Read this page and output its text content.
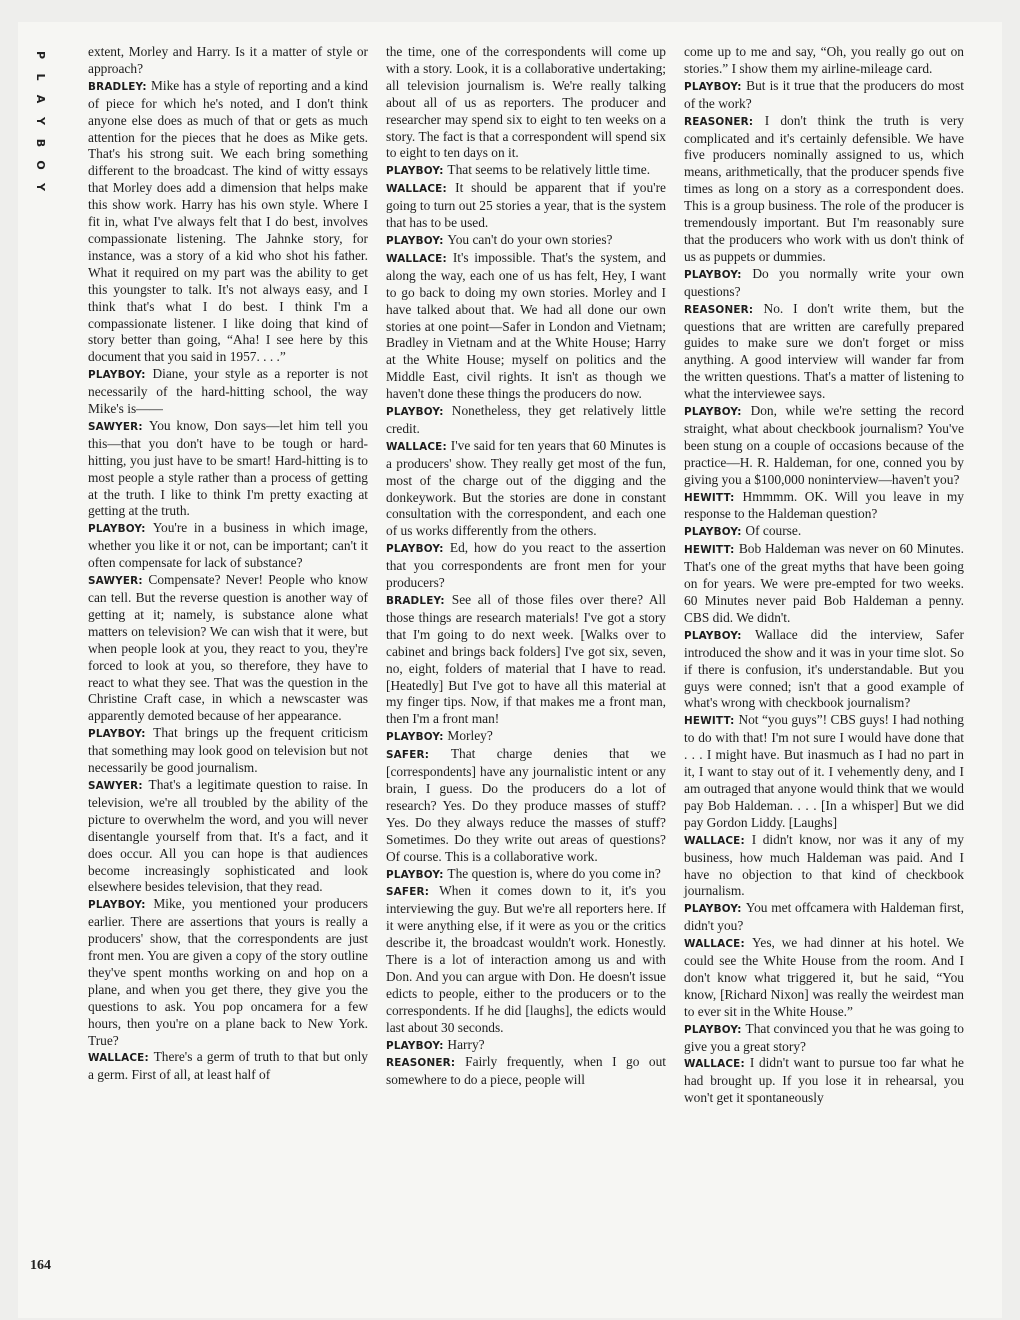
P
L
A
Y
B
O
Y
164

extent, Morley and Harry. Is it a matter of style or approach?

BRADLEY: Mike has a style of reporting and a kind of piece for which he's noted, and I don't think anyone else does as much of that or gets as much attention for the pieces that he does as Mike gets. That's his strong suit. We each bring something different to the broadcast. The kind of witty essays that Morley does add a dimension that helps make this show work. Harry has his own style. Where I fit in, what I've always felt that I do best, involves compassionate listening. The Jahnke story, for instance, was a story of a kid who shot his father. What it required on my part was the ability to get this youngster to talk. It's not always easy, and I think that's what I do best. I think I'm a compassionate listener. I like doing that kind of story better than going, “Aha! I see here by this document that you said in 1957. . . .”

PLAYBOY: Diane, your style as a reporter is not necessarily of the hard-hitting school, the way Mike's is——

SAWYER: You know, Don says—let him tell you this—that you don't have to be tough or hard-hitting, you just have to be smart! Hard-hitting is to most people a style rather than a process of getting at the truth. I like to think I'm pretty exacting at getting at the truth.

PLAYBOY: You're in a business in which image, whether you like it or not, can be important; can't it often compensate for lack of substance?

SAWYER: Compensate? Never! People who know can tell. But the reverse question is another way of getting at it; namely, is substance alone what matters on television? We can wish that it were, but when people look at you, they react to you, they're forced to look at you, so therefore, they have to react to what they see. That was the question in the Christine Craft case, in which a newscaster was apparently demoted because of her appearance.

PLAYBOY: That brings up the frequent criticism that something may look good on television but not necessarily be good journalism.

SAWYER: That's a legitimate question to raise. In television, we're all troubled by the ability of the picture to overwhelm the word, and you will never disentangle yourself from that. It's a fact, and it does occur. All you can hope is that audiences become increasingly sophisticated and look elsewhere besides television, that they read.

PLAYBOY: Mike, you mentioned your producers earlier. There are assertions that yours is really a producers' show, that the correspondents are just front men. You are given a copy of the story outline they've spent months working on and hop on a plane, and when you get there, they give you the questions to ask. You pop oncamera for a few hours, then you're on a plane back to New York. True?

WALLACE: There's a germ of truth to that but only a germ. First of all, at least half of

the time, one of the correspondents will come up with a story. Look, it is a collaborative undertaking; all television journalism is. We're really talking about all of us as reporters. The producer and researcher may spend six to eight to ten weeks on a story. The fact is that a correspondent will spend six to eight to ten days on it.

PLAYBOY: That seems to be relatively little time.

WALLACE: It should be apparent that if you're going to turn out 25 stories a year, that is the system that has to be used.

PLAYBOY: You can't do your own stories?

WALLACE: It's impossible. That's the system, and along the way, each one of us has felt, Hey, I want to go back to doing my own stories. Morley and I have talked about that. We had all done our own stories at one point—Safer in London and Vietnam; Bradley in Vietnam and at the White House; Harry at the White House; myself on politics and the Middle East, civil rights. It isn't as though we haven't done these things the producers do now.

PLAYBOY: Nonetheless, they get relatively little credit.

WALLACE: I've said for ten years that 60 Minutes is a producers' show. They really get most of the fun, most of the charge out of the digging and the donkeywork. But the stories are done in constant consultation with the correspondent, and each one of us works differently from the others.

PLAYBOY: Ed, how do you react to the assertion that you correspondents are front men for your producers?

BRADLEY: See all of those files over there? All those things are research materials! I've got a story that I'm going to do next week. [Walks over to cabinet and brings back folders] I've got six, seven, no, eight, folders of material that I have to read. [Heatedly] But I've got to have all this material at my finger tips. Now, if that makes me a front man, then I'm a front man!

PLAYBOY: Morley?

SAFER: That charge denies that we [correspondents] have any journalistic intent or any brain, I guess. Do the producers do a lot of research? Yes. Do they produce masses of stuff? Yes. Do they always reduce the masses of stuff? Sometimes. Do they write out areas of questions? Of course. This is a collaborative work.

PLAYBOY: The question is, where do you come in?

SAFER: When it comes down to it, it's you interviewing the guy. But we're all reporters here. If it were anything else, if it were as you or the critics describe it, the broadcast wouldn't work. Honestly. There is a lot of interaction among us and with Don. And you can argue with Don. He doesn't issue edicts to people, either to the producers or to the correspondents. If he did [laughs], the edicts would last about 30 seconds.

PLAYBOY: Harry?

REASONER: Fairly frequently, when I go out somewhere to do a piece, people will

come up to me and say, “Oh, you really go out on stories.” I show them my airline-mileage card.

PLAYBOY: But is it true that the producers do most of the work?

REASONER: I don't think the truth is very complicated and it's certainly defensible. We have five producers nominally assigned to us, which means, arithmetically, that the producer spends five times as long on a story as a correspondent does. This is a group business. The role of the producer is tremendously important. But I'm reasonably sure that the producers who work with us don't think of us as puppets or dummies.

PLAYBOY: Do you normally write your own questions?

REASONER: No. I don't write them, but the questions that are written are carefully prepared guides to make sure we don't forget or miss anything. A good interview will wander far from the written questions. That's a matter of listening to what the interviewee says.

PLAYBOY: Don, while we're setting the record straight, what about checkbook journalism? You've been stung on a couple of occasions because of the practice—H. R. Haldeman, for one, conned you by giving you a $100,000 noninterview—haven't you?

HEWITT: Hmmmm. OK. Will you leave in my response to the Haldeman question?

PLAYBOY: Of course.

HEWITT: Bob Haldeman was never on 60 Minutes. That's one of the great myths that have been going on for years. We were pre-empted for two weeks. 60 Minutes never paid Bob Haldeman a penny. CBS did. We didn't.

PLAYBOY: Wallace did the interview, Safer introduced the show and it was in your time slot. So if there is confusion, it's understandable. But you guys were conned; isn't that a good example of what's wrong with checkbook journalism?

HEWITT: Not “you guys”! CBS guys! I had nothing to do with that! I'm not sure I would have done that . . . I might have. But inasmuch as I had no part in it, I want to stay out of it. I vehemently deny, and I am outraged that anyone would think that we would pay Bob Haldeman. . . . [In a whisper] But we did pay Gordon Liddy. [Laughs]

WALLACE: I didn't know, nor was it any of my business, how much Haldeman was paid. And I have no objection to that kind of checkbook journalism.

PLAYBOY: You met offcamera with Haldeman first, didn't you?

WALLACE: Yes, we had dinner at his hotel. We could see the White House from the room. And I don't know what triggered it, but he said, “You know, [Richard Nixon] was really the weirdest man to ever sit in the White House.”

PLAYBOY: That convinced you that he was going to give you a great story?

WALLACE: I didn't want to pursue too far what he had brought up. If you lose it in rehearsal, you won't get it spontaneously
